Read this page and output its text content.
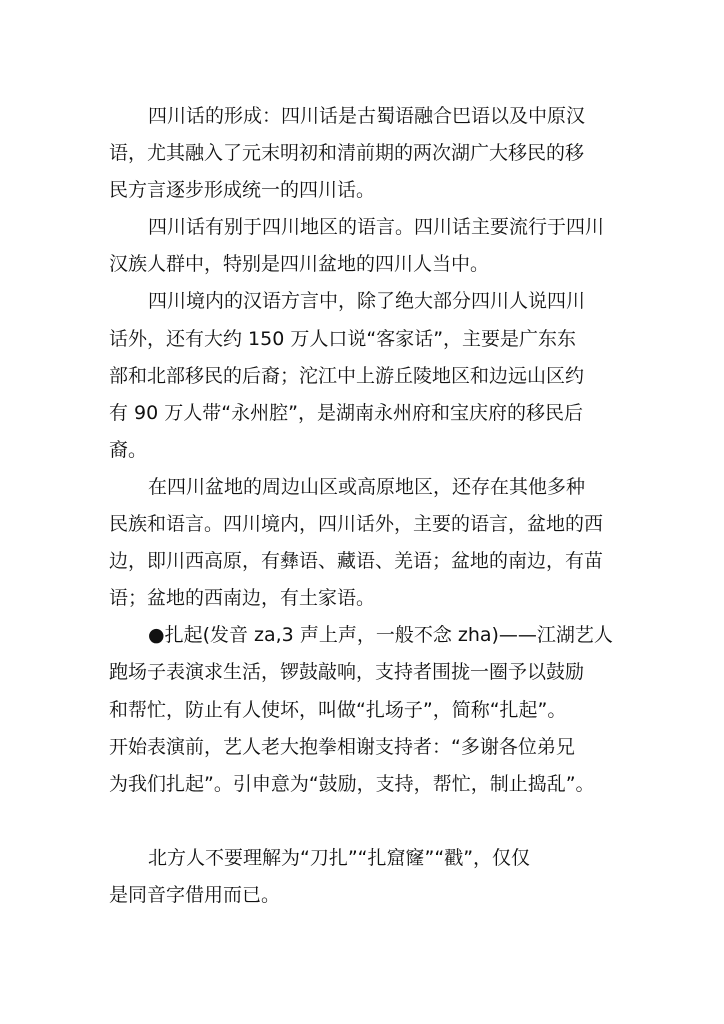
四川话的形成：四川话是古蜀语融合巴语以及中原汉
语，尤其融入了元末明初和清前期的两次湖广大移民的移
民方言逐步形成统一的四川话。
四川话有别于四川地区的语言。四川话主要流行于四川
汉族人群中，特别是四川盆地的四川人当中。
四川境内的汉语方言中，除了绝大部分四川人说四川
话外，还有大约 150 万人口说“客家话”，主要是广东东
部和北部移民的后裔；沱江中上游丘陵地区和边远山区约
有 90 万人带“永州腔”，是湖南永州府和宝庆府的移民后
裔。
在四川盆地的周边山区或高原地区，还存在其他多种
民族和语言。四川境内，四川话外，主要的语言，盆地的西
边，即川西高原，有彝语、藏语、羌语；盆地的南边，有苗
语；盆地的西南边，有土家语。
●扎起(发音 za,3 声上声，一般不念 zha)——江湖艺人
跑场子表演求生活，锣鼓敲响，支持者围拢一圈予以鼓励
和帮忙，防止有人使坏，叫做“扎场子”，简称“扎起”。
开始表演前，艺人老大抱拳相谢支持者：“多谢各位弟兄
为我们扎起”。引申意为“鼓励，支持，帮忙，制止捣乱”。
北方人不要理解为“刀扎”“扎窟窿”“戳”，仅仅
是同音字借用而已。
